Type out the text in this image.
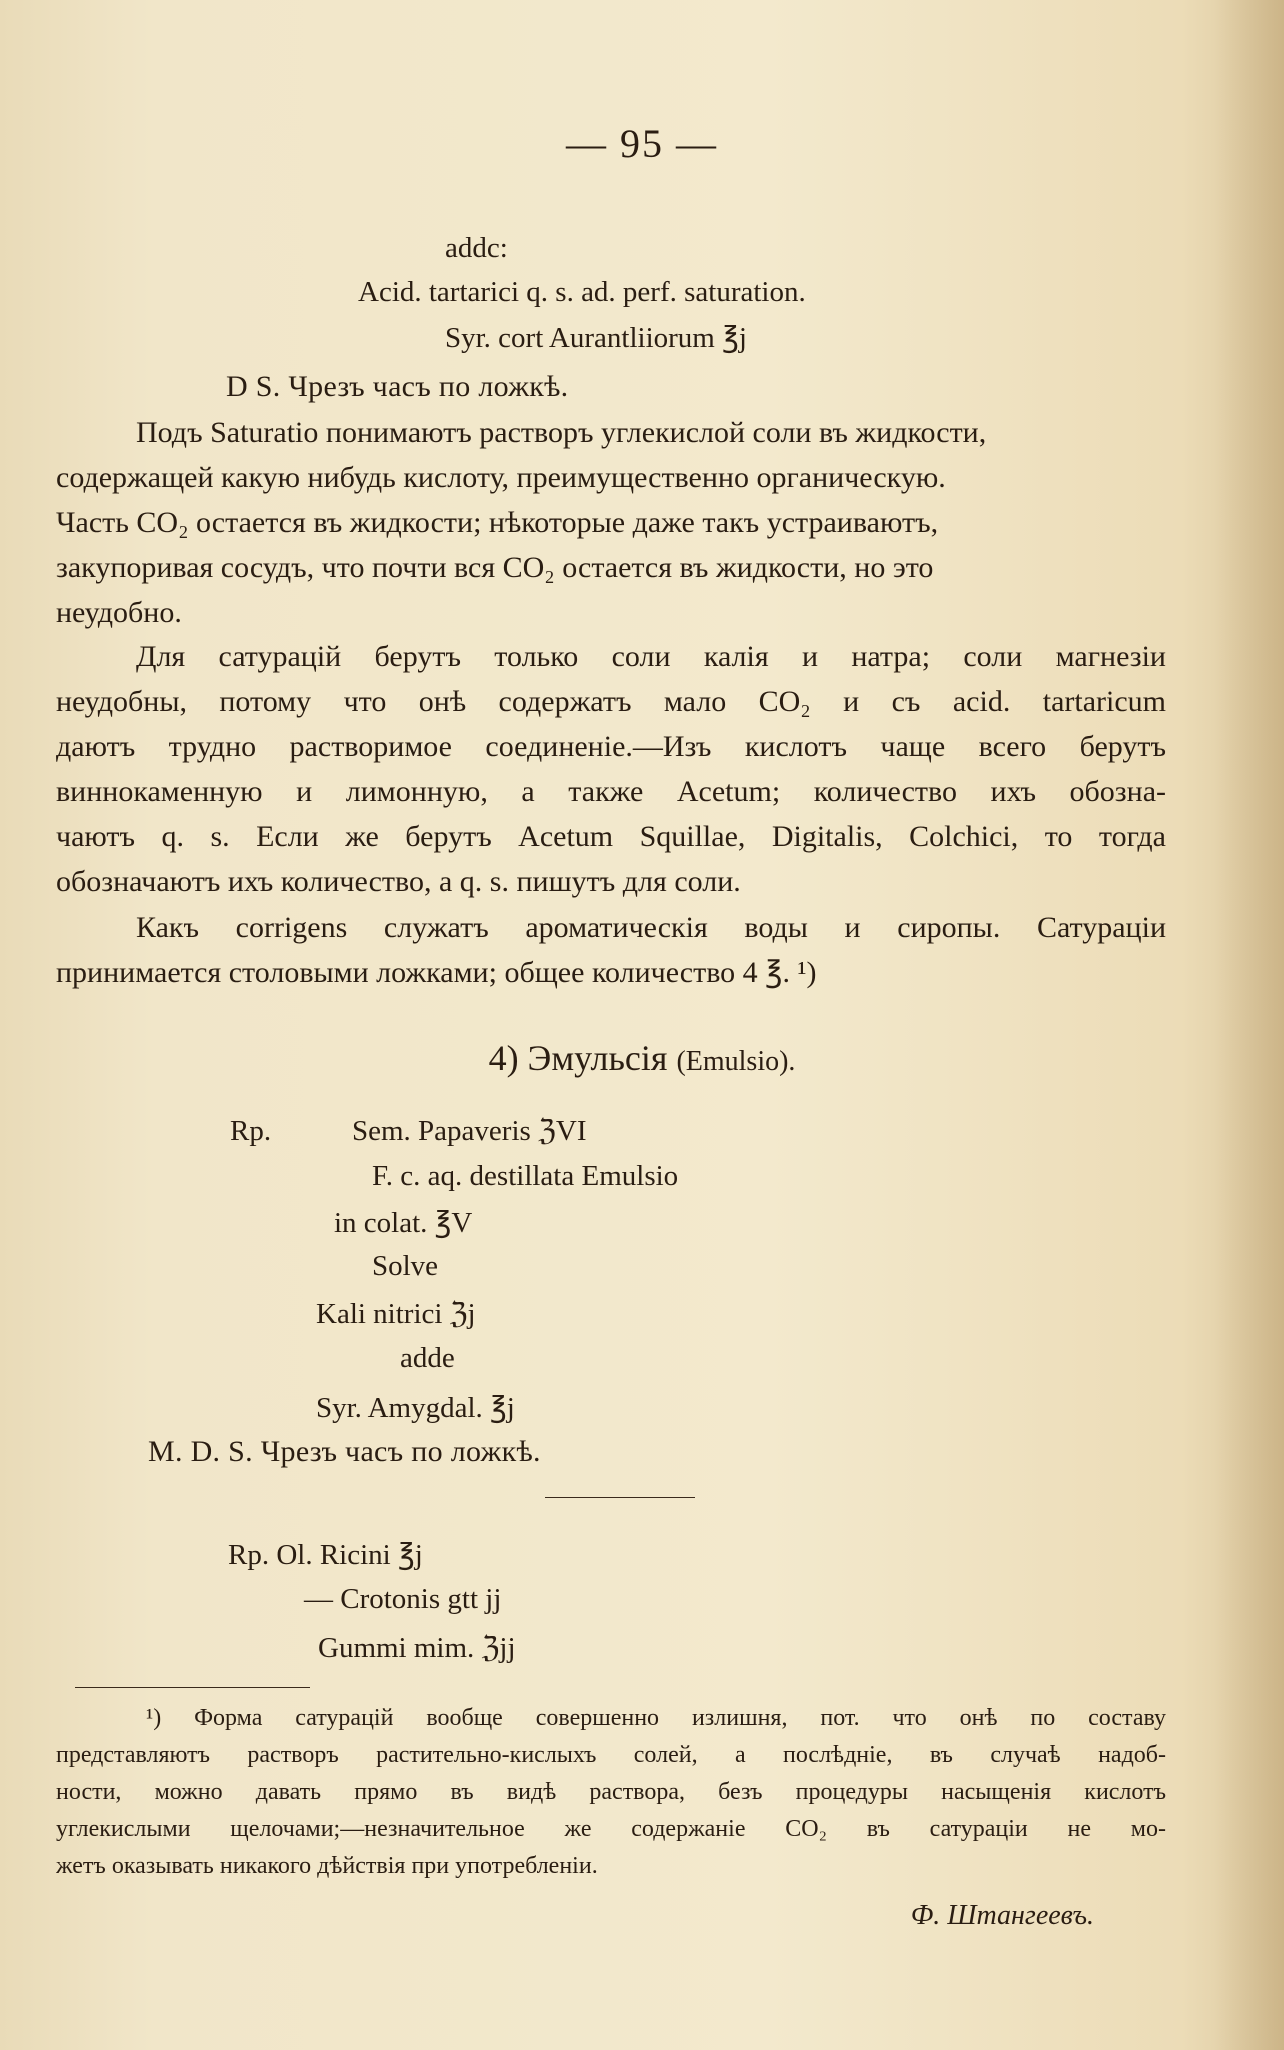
— 95 —
addc:
Acid. tartarici q. s. ad. perf. saturation.
Syr. cort Aurantliiorum ℥j
D S. Чрезъ часъ по ложкѣ.
Подъ Saturatio понимаютъ растворъ углекислой соли въ жидкости,
содержащей какую нибудь кислоту, преимущественно органическую.
Часть CO₂ остается въ жидкости; нѣкоторые даже такъ устраиваютъ,
закупоривая сосудъ, что почти вся CO₂ остается въ жидкости, но это
неудобно.
Для сатурацій берутъ только соли калія и натра; соли магнезіи
неудобны, потому что онѣ содержатъ мало CO₂ и съ acid. tartaricum
даютъ трудно растворимое соединеніе.—Изъ кислотъ чаще всего берутъ
виннокаменную и лимонную, а также Acetum; количество ихъ обозна-
чаютъ q. s. Если же берутъ Acetum Squillae, Digitalis, Colchici, то тогда
обозначаютъ ихъ количество, а q. s. пишутъ для соли.
Какъ corrigens служатъ ароматическія воды и сиропы. Сатурацiи
принимается столовыми ложками; общее количество 4 ℥. ¹)
4) Эмульсія (Emulsio).
Rp.	Sem. Papaveris ℨVI
F. c. aq. destillata Emulsio
in colat. ℥V
Solve
Kali nitrici ℨj
adde
Syr. Amygdal. ℥j
M. D. S. Чрезъ часъ по ложкѣ.
Rp. Ol. Ricini ℥j
— Crotonis gtt jj
Gummi mim. ℨjj
¹) Форма сатурацій вообще совершенно излишня, пот. что онѣ по составу
представляютъ растворъ растительно-кислыхъ солей, а послѣдніе, въ случаѣ надоб-
ности, можно давать прямо въ видѣ раствора, безъ процедуры насыщенія кислотъ
углекислыми щелочами;—незначительное же содержаніе CO₂ въ сатураціи не мо-
жетъ оказывать никакого дѣйствія при употребленіи.
Ф. Штангеевъ.
